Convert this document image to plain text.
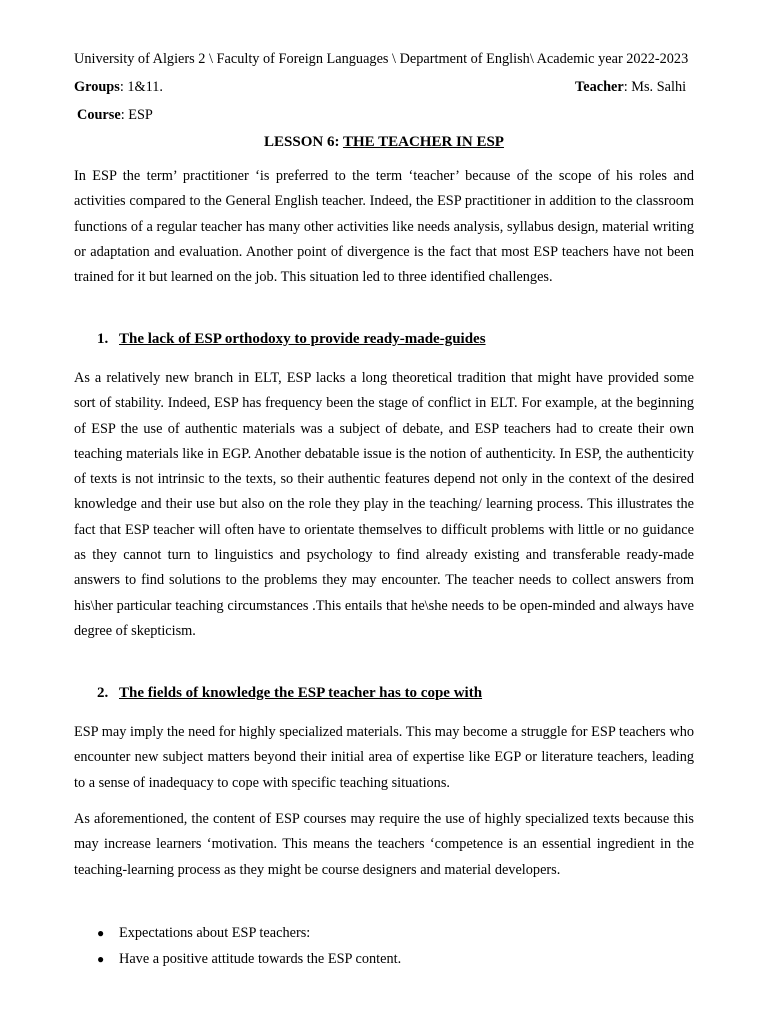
University of Algiers 2 \ Faculty of Foreign Languages \ Department of English\ Academic year 2022-2023
Groups: 1&11.	Teacher: Ms. Salhi
Course: ESP
LESSON 6: THE TEACHER IN ESP

In ESP the term’ practitioner ‘is preferred to the term ‘teacher’ because of the scope of his roles and activities compared to the General English teacher. Indeed, the ESP practitioner in addition to the classroom functions of a regular teacher has many other activities like needs analysis, syllabus design, material writing or adaptation and evaluation. Another point of divergence is the fact that most ESP teachers have not been trained for it but learned on the job. This situation led to three identified challenges.

1. The lack of ESP orthodoxy to provide ready-made-guides

As a relatively new branch in ELT, ESP lacks a long theoretical tradition that might have provided some sort of stability. Indeed, ESP has frequency been the stage of conflict in ELT. For example, at the beginning of ESP the use of authentic materials was a subject of debate, and ESP teachers had to create their own teaching materials like in EGP. Another debatable issue is the notion of authenticity. In ESP, the authenticity of texts is not intrinsic to the texts, so their authentic features depend not only in the context of the desired knowledge and their use but also on the role they play in the teaching/ learning process. This illustrates the fact that ESP teacher will often have to orientate themselves to difficult problems with little or no guidance as they cannot turn to linguistics and psychology to find already existing and transferable ready-made answers to find solutions to the problems they may encounter. The teacher needs to collect answers from his\her particular teaching circumstances .This entails that he\she needs to be open-minded and always have degree of skepticism.

2. The fields of knowledge the ESP teacher has to cope with

ESP may imply the need for highly specialized materials. This may become a struggle for ESP teachers who encounter new subject matters beyond their initial area of expertise like EGP or literature teachers, leading to a sense of inadequacy to cope with specific teaching situations.

As aforementioned, the content of ESP courses may require the use of highly specialized texts because this may increase learners ‘motivation. This means the teachers ‘competence is an essential ingredient in the teaching-learning process as they might be course designers and material developers.

● Expectations about ESP teachers:
● Have a positive attitude towards the ESP content.
